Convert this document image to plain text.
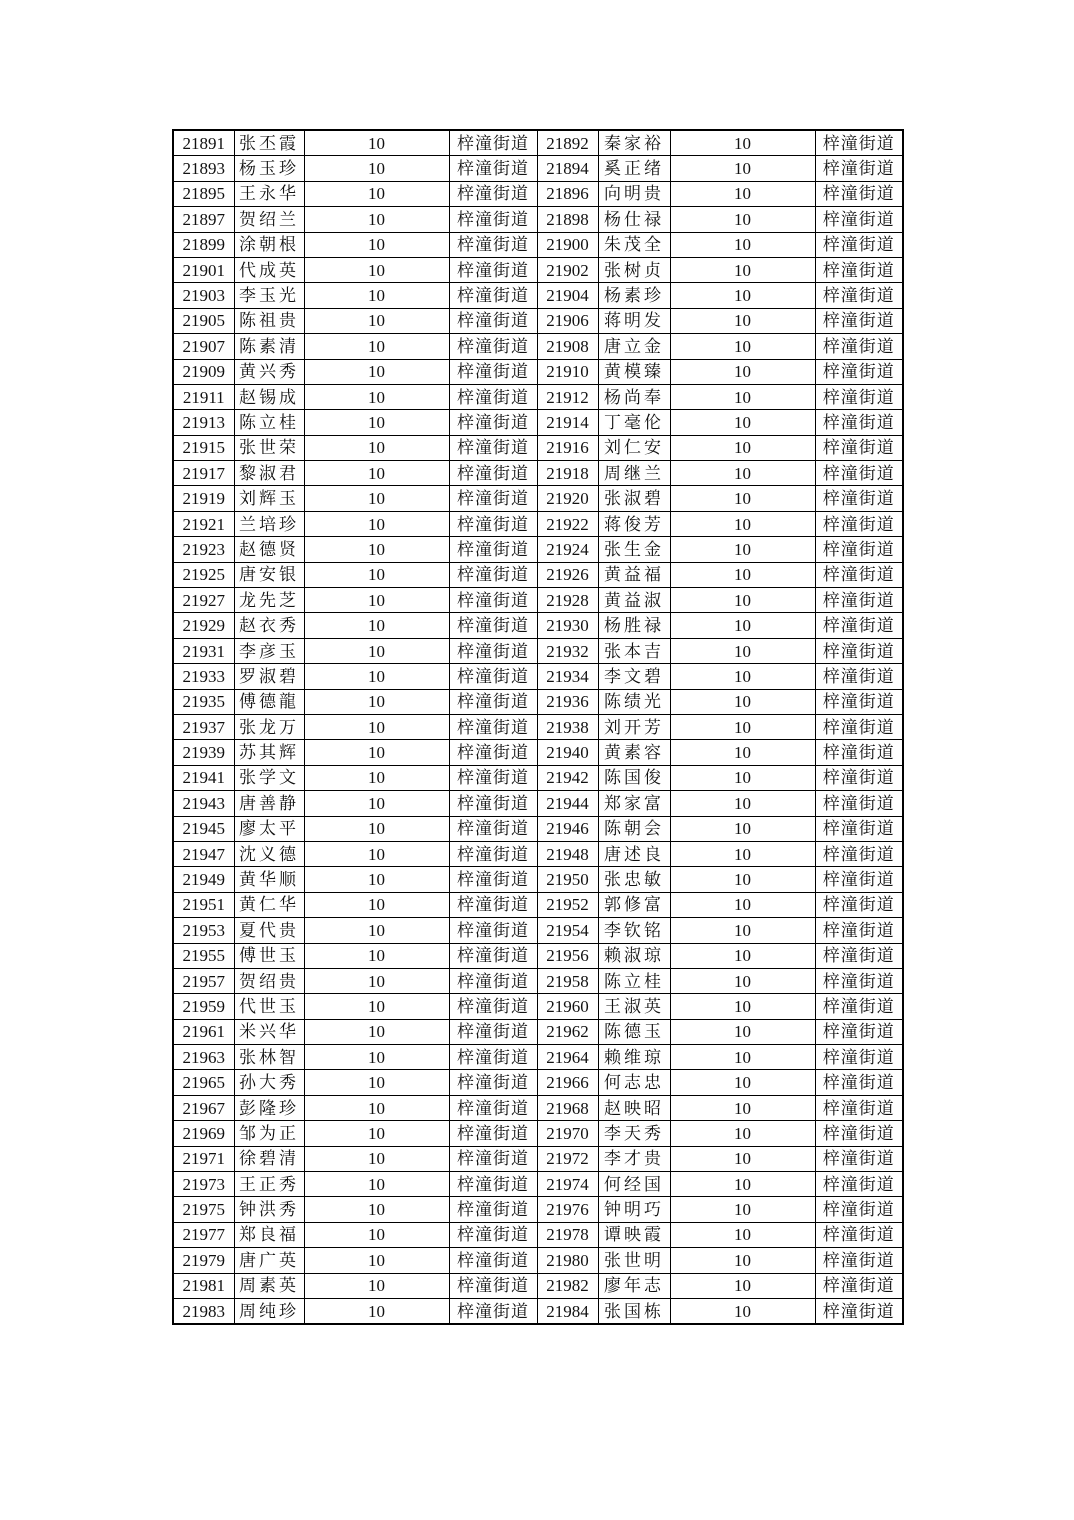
21891	张丕霞	10	梓潼街道	21892	秦家裕	10	梓潼街道
21893	杨玉珍	10	梓潼街道	21894	奚正绪	10	梓潼街道
21895	王永华	10	梓潼街道	21896	向明贵	10	梓潼街道
21897	贺绍兰	10	梓潼街道	21898	杨仕禄	10	梓潼街道
21899	涂朝根	10	梓潼街道	21900	朱茂全	10	梓潼街道
21901	代成英	10	梓潼街道	21902	张树贞	10	梓潼街道
21903	李玉光	10	梓潼街道	21904	杨素珍	10	梓潼街道
21905	陈祖贵	10	梓潼街道	21906	蒋明发	10	梓潼街道
21907	陈素清	10	梓潼街道	21908	唐立金	10	梓潼街道
21909	黄兴秀	10	梓潼街道	21910	黄模臻	10	梓潼街道
21911	赵锡成	10	梓潼街道	21912	杨尚奉	10	梓潼街道
21913	陈立桂	10	梓潼街道	21914	丁毫伦	10	梓潼街道
21915	张世荣	10	梓潼街道	21916	刘仁安	10	梓潼街道
21917	黎淑君	10	梓潼街道	21918	周继兰	10	梓潼街道
21919	刘辉玉	10	梓潼街道	21920	张淑碧	10	梓潼街道
21921	兰培珍	10	梓潼街道	21922	蒋俊芳	10	梓潼街道
21923	赵德贤	10	梓潼街道	21924	张生金	10	梓潼街道
21925	唐安银	10	梓潼街道	21926	黄益福	10	梓潼街道
21927	龙先芝	10	梓潼街道	21928	黄益淑	10	梓潼街道
21929	赵衣秀	10	梓潼街道	21930	杨胜禄	10	梓潼街道
21931	李彦玉	10	梓潼街道	21932	张本吉	10	梓潼街道
21933	罗淑碧	10	梓潼街道	21934	李文碧	10	梓潼街道
21935	傅德龍	10	梓潼街道	21936	陈绩光	10	梓潼街道
21937	张龙万	10	梓潼街道	21938	刘开芳	10	梓潼街道
21939	苏其辉	10	梓潼街道	21940	黄素容	10	梓潼街道
21941	张学文	10	梓潼街道	21942	陈国俊	10	梓潼街道
21943	唐善静	10	梓潼街道	21944	郑家富	10	梓潼街道
21945	廖太平	10	梓潼街道	21946	陈朝会	10	梓潼街道
21947	沈义德	10	梓潼街道	21948	唐述良	10	梓潼街道
21949	黄华顺	10	梓潼街道	21950	张忠敏	10	梓潼街道
21951	黄仁华	10	梓潼街道	21952	郭修富	10	梓潼街道
21953	夏代贵	10	梓潼街道	21954	李钦铭	10	梓潼街道
21955	傅世玉	10	梓潼街道	21956	赖淑琼	10	梓潼街道
21957	贺绍贵	10	梓潼街道	21958	陈立桂	10	梓潼街道
21959	代世玉	10	梓潼街道	21960	王淑英	10	梓潼街道
21961	米兴华	10	梓潼街道	21962	陈德玉	10	梓潼街道
21963	张林智	10	梓潼街道	21964	赖维琼	10	梓潼街道
21965	孙大秀	10	梓潼街道	21966	何志忠	10	梓潼街道
21967	彭隆珍	10	梓潼街道	21968	赵映昭	10	梓潼街道
21969	邹为正	10	梓潼街道	21970	李天秀	10	梓潼街道
21971	徐碧清	10	梓潼街道	21972	李才贵	10	梓潼街道
21973	王正秀	10	梓潼街道	21974	何经国	10	梓潼街道
21975	钟洪秀	10	梓潼街道	21976	钟明巧	10	梓潼街道
21977	郑良福	10	梓潼街道	21978	谭映霞	10	梓潼街道
21979	唐广英	10	梓潼街道	21980	张世明	10	梓潼街道
21981	周素英	10	梓潼街道	21982	廖年志	10	梓潼街道
21983	周纯珍	10	梓潼街道	21984	张国栋	10	梓潼街道
